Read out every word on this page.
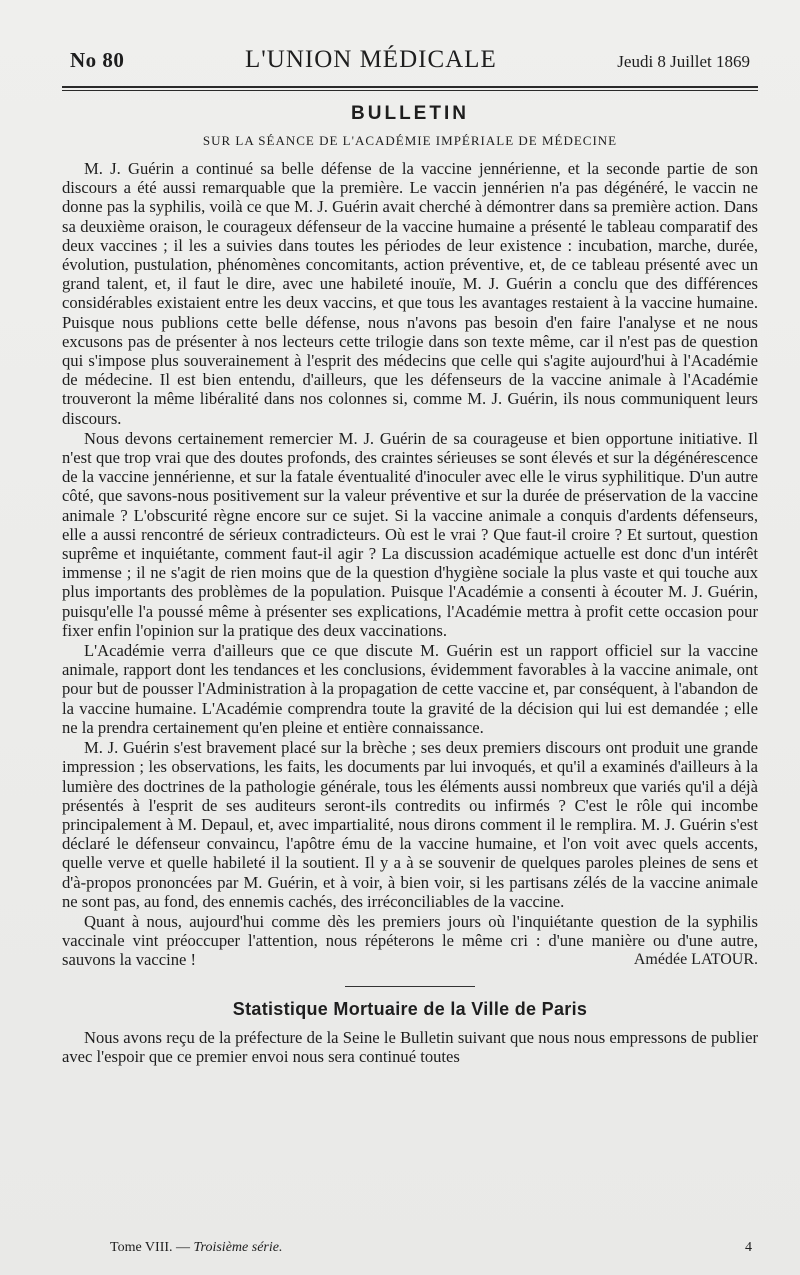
No 80	L'UNION MÉDICALE	Jeudi 8 Juillet 1869
BULLETIN
SUR LA SÉANCE DE L'ACADÉMIE IMPÉRIALE DE MÉDECINE

M. J. Guérin a continué sa belle défense de la vaccine jennérienne, et la seconde partie de son discours a été aussi remarquable que la première. Le vaccin jennérien n'a pas dégénéré, le vaccin ne donne pas la syphilis, voilà ce que M. J. Guérin avait cherché à démontrer dans sa première action. Dans sa deuxième oraison, le courageux défenseur de la vaccine humaine a présenté le tableau comparatif des deux vaccines ; il les a suivies dans toutes les périodes de leur existence : incubation, marche, durée, évolution, pustulation, phénomènes concomitants, action préventive, et, de ce tableau présenté avec un grand talent, et, il faut le dire, avec une habileté inouïe, M. J. Guérin a conclu que des différences considérables existaient entre les deux vaccins, et que tous les avantages restaient à la vaccine humaine. Puisque nous publions cette belle défense, nous n'avons pas besoin d'en faire l'analyse et ne nous excusons pas de présenter à nos lecteurs cette trilogie dans son texte même, car il n'est pas de question qui s'impose plus souverainement à l'esprit des médecins que celle qui s'agite aujourd'hui à l'Académie de médecine. Il est bien entendu, d'ailleurs, que les défenseurs de la vaccine animale à l'Académie trouveront la même libéralité dans nos colonnes si, comme M. J. Guérin, ils nous communiquent leurs discours.

Nous devons certainement remercier M. J. Guérin de sa courageuse et bien opportune initiative. Il n'est que trop vrai que des doutes profonds, des craintes sérieuses se sont élevés et sur la dégénérescence de la vaccine jennérienne, et sur la fatale éventualité d'inoculer avec elle le virus syphilitique. D'un autre côté, que savons-nous positivement sur la valeur préventive et sur la durée de préservation de la vaccine animale ? L'obscurité règne encore sur ce sujet. Si la vaccine animale a conquis d'ardents défenseurs, elle a aussi rencontré de sérieux contradicteurs. Où est le vrai ? Que faut-il croire ? Et surtout, question suprême et inquiétante, comment faut-il agir ? La discussion académique actuelle est donc d'un intérêt immense ; il ne s'agit de rien moins que de la question d'hygiène sociale la plus vaste et qui touche aux plus importants des problèmes de la population. Puisque l'Académie a consenti à écouter M. J. Guérin, puisqu'elle l'a poussé même à présenter ses explications, l'Académie mettra à profit cette occasion pour fixer enfin l'opinion sur la pratique des deux vaccinations.

L'Académie verra d'ailleurs que ce que discute M. Guérin est un rapport officiel sur la vaccine animale, rapport dont les tendances et les conclusions, évidemment favorables à la vaccine animale, ont pour but de pousser l'Administration à la propagation de cette vaccine et, par conséquent, à l'abandon de la vaccine humaine. L'Académie comprendra toute la gravité de la décision qui lui est demandée ; elle ne la prendra certainement qu'en pleine et entière connaissance.

M. J. Guérin s'est bravement placé sur la brèche ; ses deux premiers discours ont produit une grande impression ; les observations, les faits, les documents par lui invoqués, et qu'il a examinés d'ailleurs à la lumière des doctrines de la pathologie générale, tous les éléments aussi nombreux que variés qu'il a déjà présentés à l'esprit de ses auditeurs seront-ils contredits ou infirmés ? C'est le rôle qui incombe principalement à M. Depaul, et, avec impartialité, nous dirons comment il le remplira. M. J. Guérin s'est déclaré le défenseur convaincu, l'apôtre ému de la vaccine humaine, et l'on voit avec quels accents, quelle verve et quelle habileté il la soutient. Il y a à se souvenir de quelques paroles pleines de sens et d'à-propos prononcées par M. Guérin, et à voir, à bien voir, si les partisans zélés de la vaccine animale ne sont pas, au fond, des ennemis cachés, des irréconciliables de la vaccine.

Quant à nous, aujourd'hui comme dès les premiers jours où l'inquiétante question de la syphilis vaccinale vint préoccuper l'attention, nous répéterons le même cri : d'une manière ou d'une autre, sauvons la vaccine !	Amédée LATOUR.

Statistique Mortuaire de la Ville de Paris

Nous avons reçu de la préfecture de la Seine le Bulletin suivant que nous nous empressons de publier avec l'espoir que ce premier envoi nous sera continué toutes

Tome VIII. — Troisième série.	4
